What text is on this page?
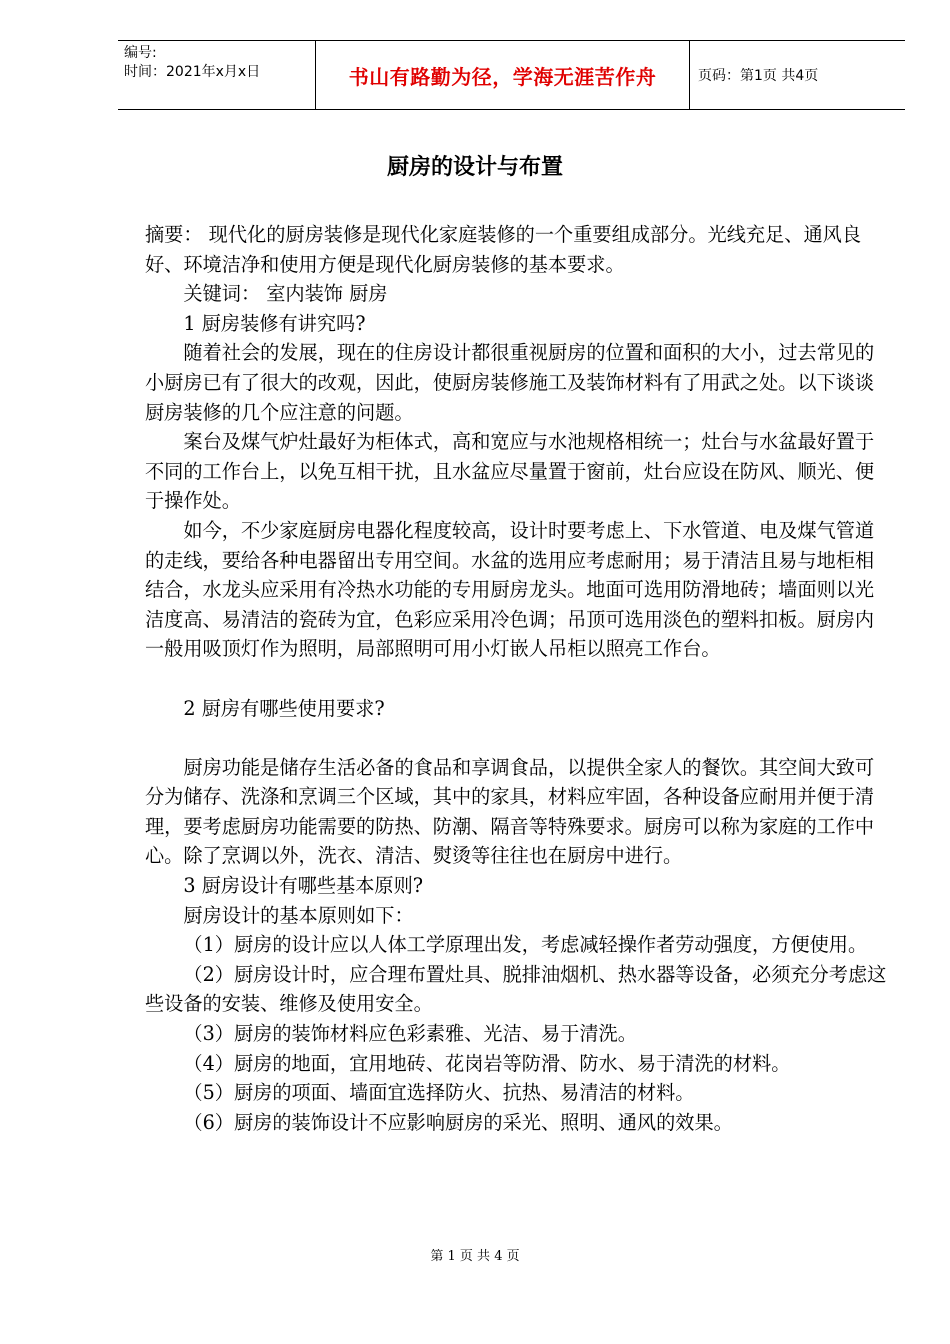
编号:
时间：2021年x月x日	书山有路勤为径，学海无涯苦作舟	页码：第1页 共4页
厨房的设计与布置

摘要： 现代化的厨房装修是现代化家庭装修的一个重要组成部分。光线充足、通风良好、环境洁净和使用方便是现代化厨房装修的基本要求。

关键词： 室内装饰 厨房

1 厨房装修有讲究吗?

随着社会的发展，现在的住房设计都很重视厨房的位置和面积的大小，过去常见的小厨房已有了很大的改观，因此，使厨房装修施工及装饰材料有了用武之处。以下谈谈厨房装修的几个应注意的问题。

案台及煤气炉灶最好为柜体式，高和宽应与水池规格相统一；灶台与水盆最好置于不同的工作台上，以免互相干扰，且水盆应尽量置于窗前，灶台应设在防风、顺光、便于操作处。

如今，不少家庭厨房电器化程度较高，设计时要考虑上、下水管道、电及煤气管道的走线，要给各种电器留出专用空间。水盆的选用应考虑耐用；易于清洁且易与地柜相结合，水龙头应采用有冷热水功能的专用厨房龙头。地面可选用防滑地砖；墙面则以光洁度高、易清洁的瓷砖为宜，色彩应采用冷色调；吊顶可选用淡色的塑料扣板。厨房内一般用吸顶灯作为照明，局部照明可用小灯嵌人吊柜以照亮工作台。

2 厨房有哪些使用要求?

厨房功能是储存生活必备的食品和享调食品，以提供全家人的餐饮。其空间大致可分为储存、洗涤和烹调三个区域，其中的家具，材料应牢固，各种设备应耐用并便于清理，要考虑厨房功能需要的防热、防潮、隔音等特殊要求。厨房可以称为家庭的工作中心。除了烹调以外，洗衣、清洁、熨烫等往往也在厨房中进行。

3 厨房设计有哪些基本原则?

厨房设计的基本原则如下：

（1）厨房的设计应以人体工学原理出发，考虑减轻操作者劳动强度，方便使用。

（2）厨房设计时，应合理布置灶具、脱排油烟机、热水器等设备，必须充分考虑这些设备的安装、维修及使用安全。

（3）厨房的装饰材料应色彩素雅、光洁、易于清洗。

（4）厨房的地面，宜用地砖、花岗岩等防滑、防水、易于清洗的材料。

（5）厨房的项面、墙面宜选择防火、抗热、易清洁的材料。

（6）厨房的装饰设计不应影响厨房的采光、照明、通风的效果。

第 1 页 共 4 页
